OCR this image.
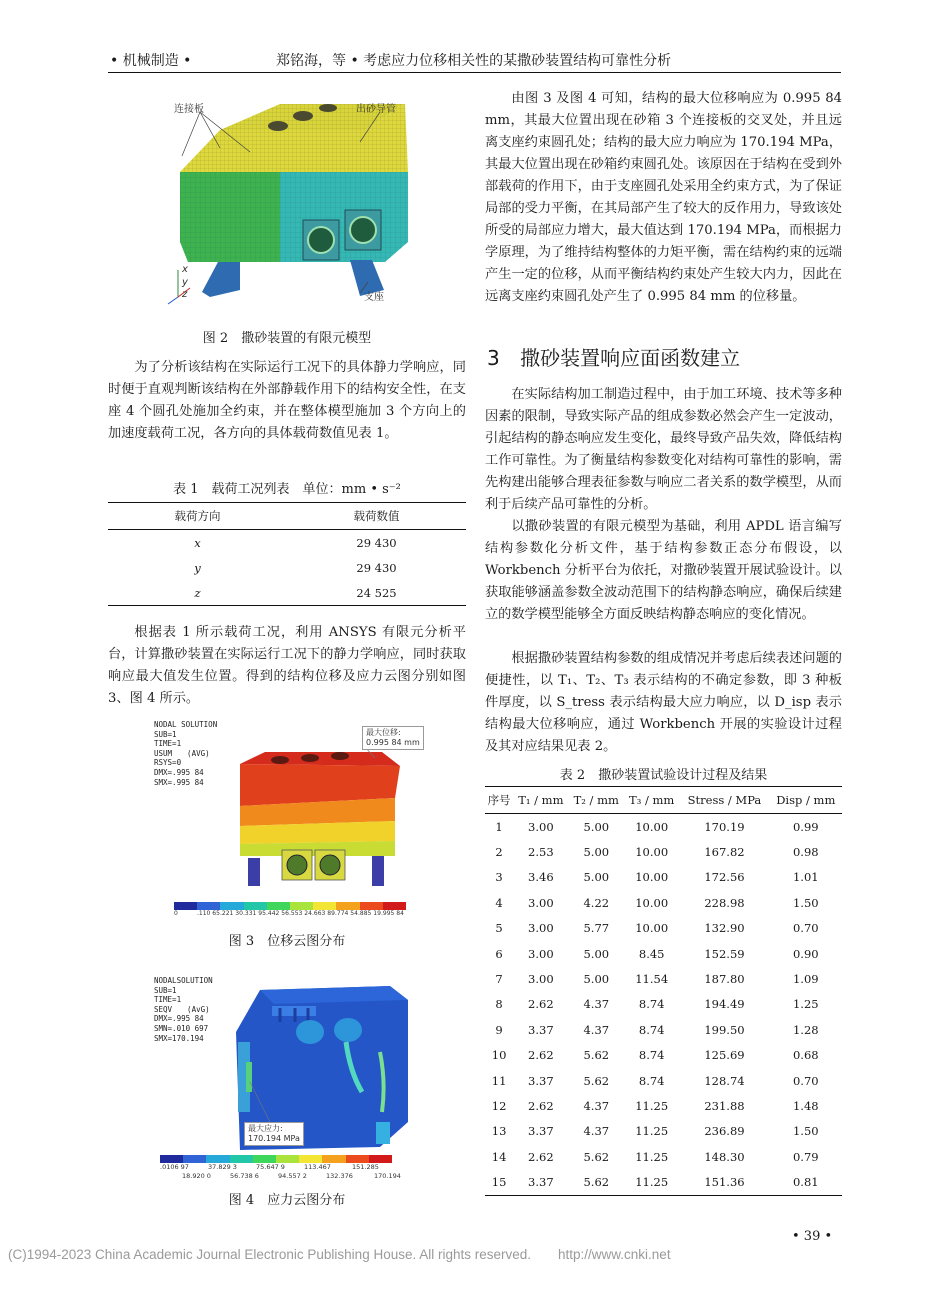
• 机械制造 •	郑铭海，等 • 考虑应力位移相关性的某撒砂装置结构可靠性分析
连接板	出砂导管
支座
x
y
z
图 2　撒砂装置的有限元模型

为了分析该结构在实际运行工况下的具体静力学响应，同时便于直观判断该结构在外部静载作用下的结构安全性，在支座 4 个圆孔处施加全约束，并在整体模型施加 3 个方向上的加速度载荷工况，各方向的具体载荷数值见表 1。

表 1　载荷工况列表　单位：mm • s⁻²
载荷方向	载荷数值
x	29 430
y	29 430
z	24 525

根据表 1 所示载荷工况，利用 ANSYS 有限元分析平台，计算撒砂装置在实际运行工况下的静力学响应，同时获取响应最大值发生位置。得到的结构位移及应力云图分别如图 3、图 4 所示。

NODAL SOLUTION
SUB=1
TIME=1
USUM　　(AVG)
RSYS=0
DMX=.995 84
SMX=.995 84
最大位移:
0.995 84 mm
0	.110 65 .221 30 .331 95 .442 56 .553 24 .663 89 .774 54 .885 19 .995 84
图 3　位移云图分布
NODALSOLUTION
SUB=1
TIME=1
SEQV　　(AvG)
DMX=.995 84
SMN=.010 697
SMX=170.194
最大应力:
170.194 MPa
.0106 97	37.829 3	75.647 9	113.467	151.285
18.920 0	56.738 6	94.557 2	132.376	170.194
图 4　应力云图分布

由图 3 及图 4 可知，结构的最大位移响应为 0.995 84 mm，其最大位置出现在砂箱 3 个连接板的交叉处，并且远离支座约束圆孔处；结构的最大应力响应为 170.194 MPa，其最大位置出现在砂箱约束圆孔处。该原因在于结构在受到外部载荷的作用下，由于支座圆孔处采用全约束方式，为了保证局部的受力平衡，在其局部产生了较大的反作用力，导致该处所受的局部应力增大，最大值达到 170.194 MPa，而根据力学原理，为了维持结构整体的力矩平衡，需在结构约束的远端产生一定的位移，从而平衡结构约束处产生较大内力，因此在远离支座约束圆孔处产生了 0.995 84 mm 的位移量。

3 撒砂装置响应面函数建立

在实际结构加工制造过程中，由于加工环境、技术等多种因素的限制，导致实际产品的组成参数必然会产生一定波动，引起结构的静态响应发生变化，最终导致产品失效，降低结构工作可靠性。为了衡量结构参数变化对结构可靠性的影响，需先构建出能够合理表征参数与响应二者关系的数学模型，从而利于后续产品可靠性的分析。

以撒砂装置的有限元模型为基础，利用 APDL 语言编写结构参数化分析文件，基于结构参数正态分布假设，以 Workbench 分析平台为依托，对撒砂装置开展试验设计。以获取能够涵盖参数全波动范围下的结构静态响应，确保后续建立的数学模型能够全方面反映结构静态响应的变化情况。

根据撒砂装置结构参数的组成情况并考虑后续表述问题的便捷性，以 T₁、T₂、T₃ 表示结构的不确定参数，即 3 种板件厚度，以 S_tress 表示结构最大应力响应，以 D_isp 表示结构最大位移响应，通过 Workbench 开展的实验设计过程及其对应结果见表 2。

表 2　撒砂装置试验设计过程及结果
序号	T₁ / mm	T₂ / mm	T₃ / mm	Stress / MPa	Disp / mm
1	3.00	5.00	10.00	170.19	0.99
2	2.53	5.00	10.00	167.82	0.98
3	3.46	5.00	10.00	172.56	1.01
4	3.00	4.22	10.00	228.98	1.50
5	3.00	5.77	10.00	132.90	0.70
6	3.00	5.00	8.45	152.59	0.90
7	3.00	5.00	11.54	187.80	1.09
8	2.62	4.37	8.74	194.49	1.25
9	3.37	4.37	8.74	199.50	1.28
10	2.62	5.62	8.74	125.69	0.68
11	3.37	5.62	8.74	128.74	0.70
12	2.62	4.37	11.25	231.88	1.48
13	3.37	4.37	11.25	236.89	1.50
14	2.62	5.62	11.25	148.30	0.79
15	3.37	5.62	11.25	151.36	0.81
• 39 •
(C)1994-2023 China Academic Journal Electronic Publishing House. All rights reserved.　　http://www.cnki.net
